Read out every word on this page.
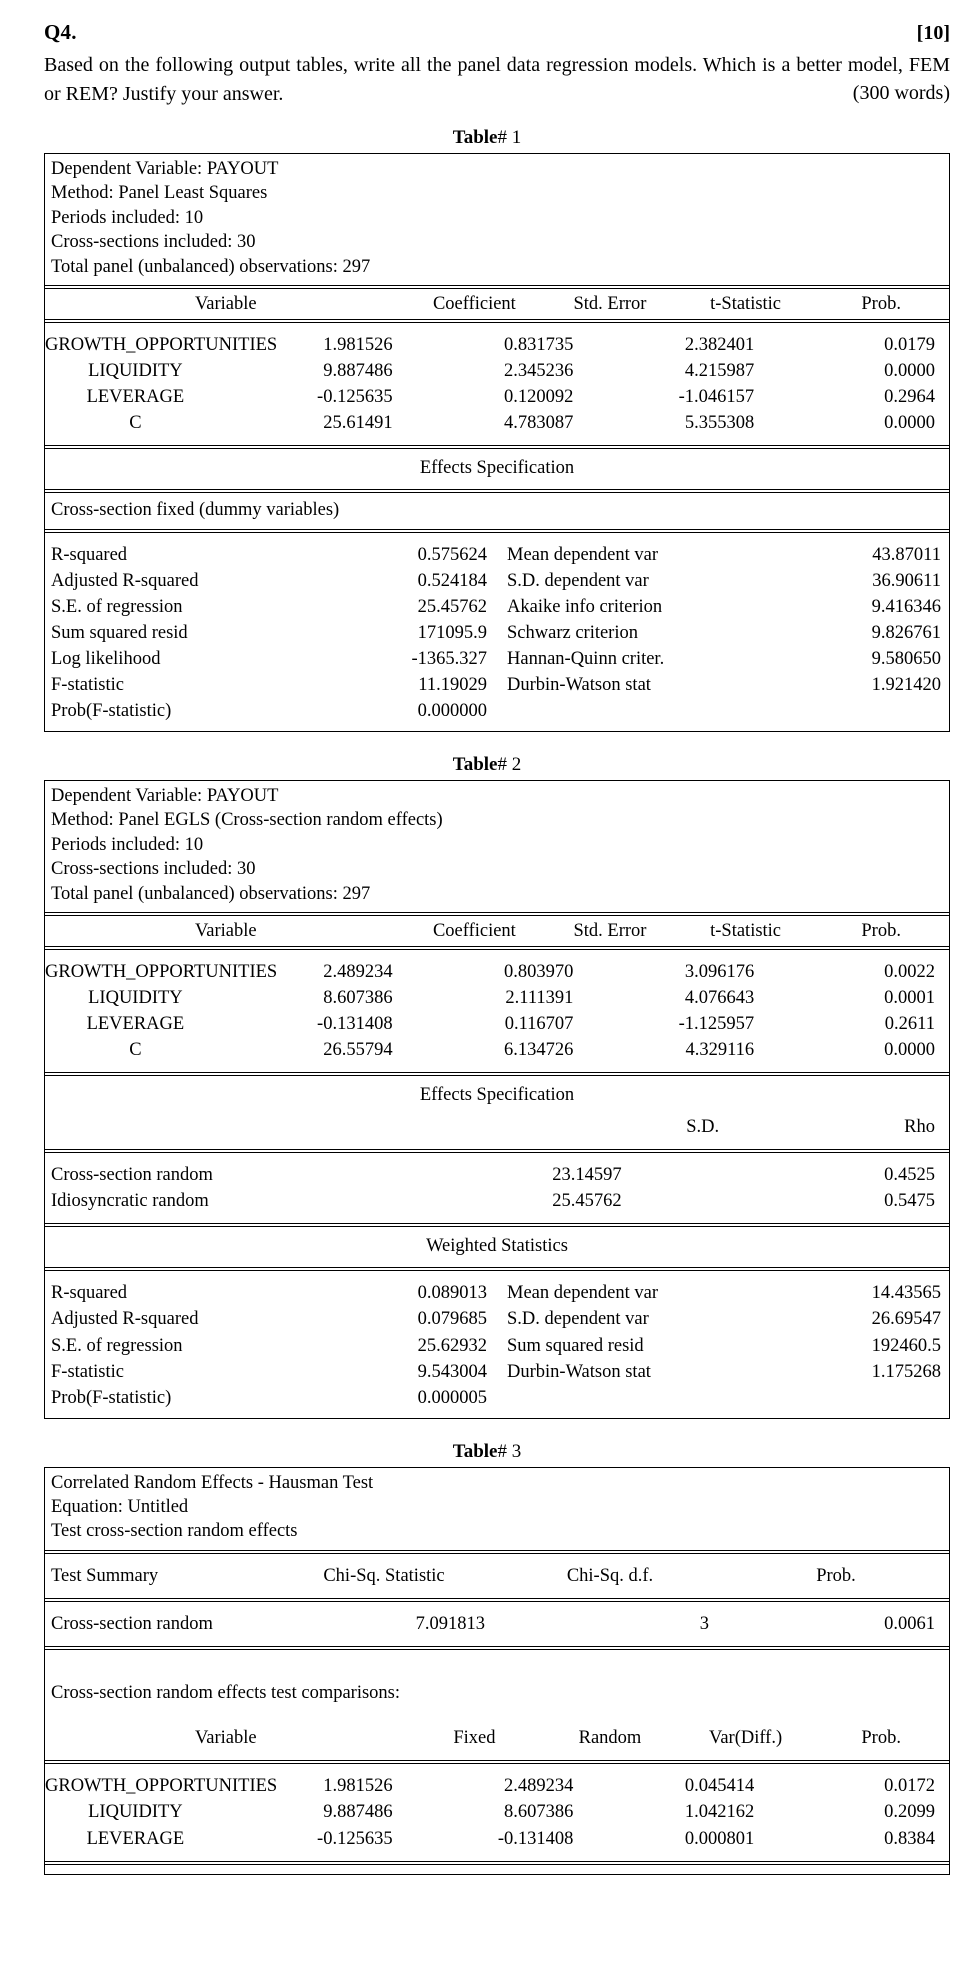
Q4.	[10]
Based on the following output tables, write all the panel data regression models. Which is a better model, FEM or REM? Justify your answer.	(300 words)
Table# 1
Dependent Variable: PAYOUT
Method: Panel Least Squares
Periods included: 10
Cross-sections included: 30
Total panel (unbalanced) observations: 297
Variable	Coefficient	Std. Error	t-Statistic	Prob.

GROWTH_OPPORTUNITIES	1.981526	0.831735	2.382401	0.0179
LIQUIDITY	9.887486	2.345236	4.215987	0.0000
LEVERAGE	-0.125635	0.120092	-1.046157	0.2964
C	25.61491	4.783087	5.355308	0.0000

Effects Specification
Cross-section fixed (dummy variables)

R-squared	0.575624	Mean dependent var	43.87011
Adjusted R-squared	0.524184	S.D. dependent var	36.90611
S.E. of regression	25.45762	Akaike info criterion	9.416346
Sum squared resid	171095.9	Schwarz criterion	9.826761
Log likelihood	-1365.327	Hannan-Quinn criter.	9.580650
F-statistic	11.19029	Durbin-Watson stat	1.921420
Prob(F-statistic)	0.000000		

Table# 2
Dependent Variable: PAYOUT
Method: Panel EGLS (Cross-section random effects)
Periods included: 10
Cross-sections included: 30
Total panel (unbalanced) observations: 297
Variable	Coefficient	Std. Error	t-Statistic	Prob.

GROWTH_OPPORTUNITIES	2.489234	0.803970	3.096176	0.0022
LIQUIDITY	8.607386	2.111391	4.076643	0.0001
LEVERAGE	-0.131408	0.116707	-1.125957	0.2611
C	26.55794	6.134726	4.329116	0.0000

Effects Specification
	S.D.	Rho

Cross-section random	23.14597	0.4525
Idiosyncratic random	25.45762	0.5475

Weighted Statistics

R-squared	0.089013	Mean dependent var	14.43565
Adjusted R-squared	0.079685	S.D. dependent var	26.69547
S.E. of regression	25.62932	Sum squared resid	192460.5
F-statistic	9.543004	Durbin-Watson stat	1.175268
Prob(F-statistic)	0.000005		

Table# 3
Correlated Random Effects - Hausman Test
Equation: Untitled
Test cross-section random effects

Test Summary	Chi-Sq. Statistic	Chi-Sq. d.f.	Prob.

Cross-section random	7.091813	3	0.0061

Cross-section random effects test comparisons:
Variable	Fixed	Random	Var(Diff.)	Prob.

GROWTH_OPPORTUNITIES	1.981526	2.489234	0.045414	0.0172
LIQUIDITY	9.887486	8.607386	1.042162	0.2099
LEVERAGE	-0.125635	-0.131408	0.000801	0.8384
